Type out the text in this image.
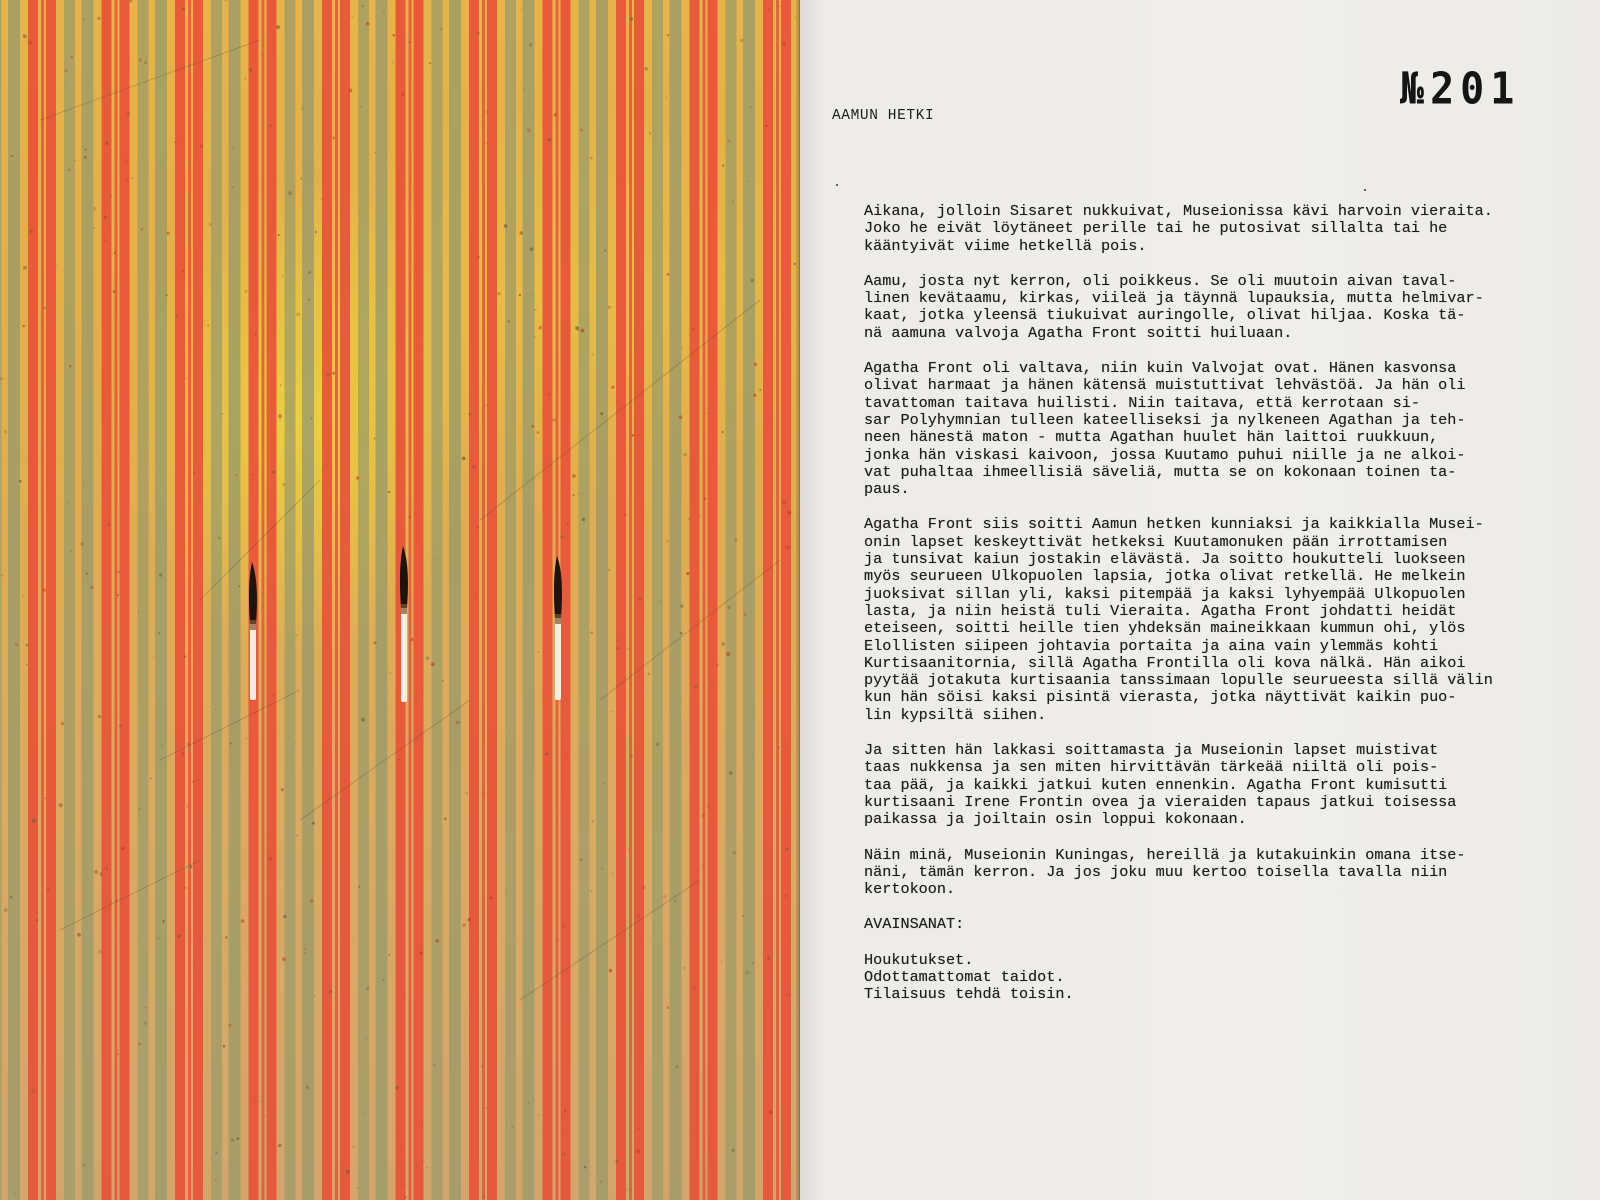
№201
AAMUN HETKI
Aikana, jolloin Sisaret nukkuivat, Museionissa kävi harvoin vieraita.
Joko he eivät löytäneet perille tai he putosivat sillalta tai he
kääntyivät viime hetkellä pois.
Aamu, josta nyt kerron, oli poikkeus. Se oli muutoin aivan taval-
linen kevätaamu, kirkas, viileä ja täynnä lupauksia, mutta helmivar-
kaat, jotka yleensä tiukuivat auringolle, olivat hiljaa. Koska tä-
nä aamuna valvoja Agatha Front soitti huiluaan.
Agatha Front oli valtava, niin kuin Valvojat ovat. Hänen kasvonsa
olivat harmaat ja hänen kätensä muistuttivat lehvästöä. Ja hän oli
tavattoman taitava huilisti. Niin taitava, että kerrotaan si-
sar Polyhymnian tulleen kateelliseksi ja nylkeneen Agathan ja teh-
neen hänestä maton - mutta Agathan huulet hän laittoi ruukkuun,
jonka hän viskasi kaivoon, jossa Kuutamo puhui niille ja ne alkoi-
vat puhaltaa ihmeellisiä säveliä, mutta se on kokonaan toinen ta-
paus.
Agatha Front siis soitti Aamun hetken kunniaksi ja kaikkialla Musei-
onin lapset keskeyttivät hetkeksi Kuutamonuken pään irrottamisen
ja tunsivat kaiun jostakin elävästä. Ja soitto houkutteli luokseen
myös seurueen Ulkopuolen lapsia, jotka olivat retkellä. He melkein
juoksivat sillan yli, kaksi pitempää ja kaksi lyhyempää Ulkopuolen
lasta, ja niin heistä tuli Vieraita. Agatha Front johdatti heidät
eteiseen, soitti heille tien yhdeksän maineikkaan kummun ohi, ylös
Elollisten siipeen johtavia portaita ja aina vain ylemmäs kohti
Kurtisaanitornia, sillä Agatha Frontilla oli kova nälkä. Hän aikoi
pyytää jotakuta kurtisaania tanssimaan lopulle seurueesta sillä välin
kun hän söisi kaksi pisintä vierasta, jotka näyttivät kaikin puo-
lin kypsiltä siihen.
Ja sitten hän lakkasi soittamasta ja Museionin lapset muistivat
taas nukkensa ja sen miten hirvittävän tärkeää niiltä oli pois-
taa pää, ja kaikki jatkui kuten ennenkin. Agatha Front kumisutti
kurtisaani Irene Frontin ovea ja vieraiden tapaus jatkui toisessa
paikassa ja joiltain osin loppui kokonaan.
Näin minä, Museionin Kuningas, hereillä ja kutakuinkin omana itse-
näni, tämän kerron. Ja jos joku muu kertoo toisella tavalla niin
kertokoon.
AVAINSANAT:
Houkutukset.
Odottamattomat taidot.
Tilaisuus tehdä toisin.
